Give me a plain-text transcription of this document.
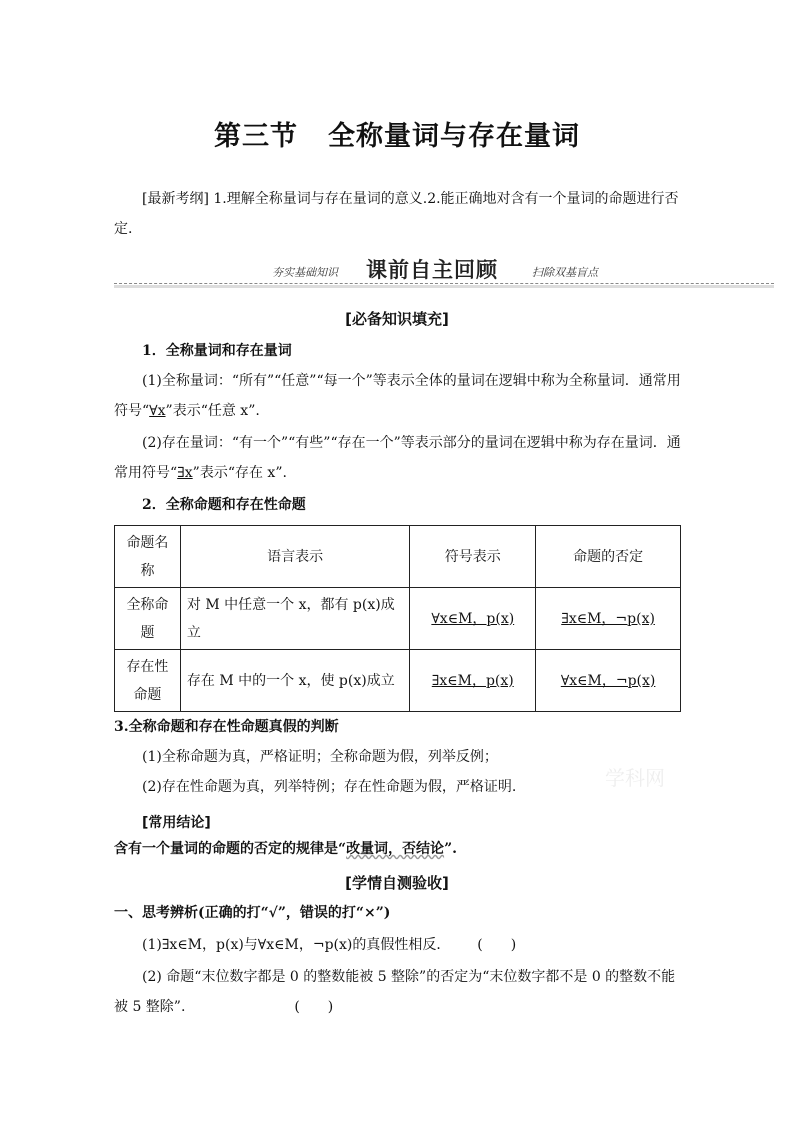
第三节 全称量词与存在量词
[最新考纲] 1.理解全称量词与存在量词的意义.2.能正确地对含有一个量词的命题进行否定.
夯实基础知识 课前自主回顾	扫除双基盲点
[必备知识填充]
1．全称量词和存在量词
(1)全称量词：“所有”“任意”“每一个”等表示全体的量词在逻辑中称为全称量词．通常用符号“∀x”表示“任意 x”.
(2)存在量词：“有一个”“有些”“存在一个”等表示部分的量词在逻辑中称为存在量词．通常用符号“∃x”表示“存在 x”.
2．全称命题和存在性命题
命题名称	语言表示	符号表示	命题的否定
全称命题	对 M 中任意一个 x，都有 p(x)成立	∀x∈M，p(x)	∃x∈M，¬p(x)
存在性命题	存在 M 中的一个 x，使 p(x)成立	∃x∈M，p(x)	∀x∈M，¬p(x)
3.全称命题和存在性命题真假的判断
(1)全称命题为真，严格证明；全称命题为假，列举反例；
(2)存在性命题为真，列举特例；存在性命题为假，严格证明.	学科网
[常用结论]
含有一个量词的命题的否定的规律是“改量词，否结论”.
[学情自测验收]
一、思考辨析(正确的打“√”，错误的打“×”)
(1)∃x∈M，p(x)与∀x∈M，¬p(x)的真假性相反． (　　)
(2) 命题“末位数字都是 0 的整数能被 5 整除”的否定为“末位数字都不是 0 的整数不能被 5 整除”.	(　　)
